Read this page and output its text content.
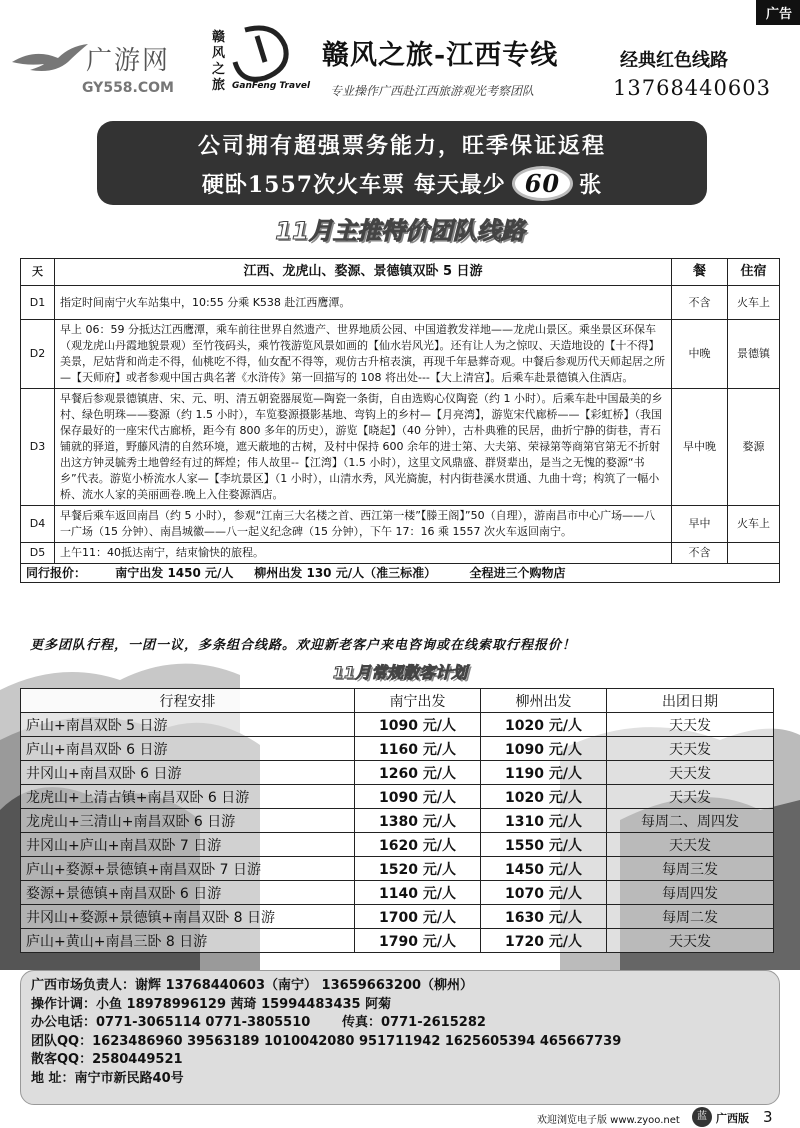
广告
广游网
GY558.COM
赣风之旅 GanFeng Travel
赣风之旅-江西专线	经典红色线路
专业操作广西赴江西旅游观光考察团队	13768440603
公司拥有超强票务能力，旺季保证返程
硬卧1557次火车票 每天最少 60 张
11月主推特价团队线路
天	江西、龙虎山、婺源、景德镇双卧 5 日游	餐	住宿
D1	指定时间南宁火车站集中，10:55 分乘 K538 赴江西鹰潭。	不含	火车上
D2	早上 06：59 分抵达江西鹰潭，乘车前往世界自然遗产、世界地质公园、中国道教发祥地——龙虎山景区。乘坐景区环保车（观龙虎山丹霞地貌景观）至竹筏码头，乘竹筏游览风景如画的【仙水岩风光】。还有让人为之惊叹、天造地设的【十不得】美景，尼姑背和尚走不得，仙桃吃不得，仙女配不得等，观仿古升棺表演，再现千年悬葬奇观。中餐后参观历代天师起居之所—【天师府】或者参观中国古典名著《水浒传》第一回描写的 108 将出处---【大上清宫】。后乘车赴景德镇入住酒店。	中晚	景德镇
D3	早餐后参观景德镇唐、宋、元、明、清五朝瓷器展览—陶瓷一条街，自由选购心仪陶瓷（约 1 小时）。后乘车赴中国最美的乡村、绿色明珠——婺源（约 1.5 小时），车览婺源摄影基地、弯钩上的乡村—【月亮湾】，游览宋代廊桥——【彩虹桥】（我国保存最好的一座宋代古廊桥，距今有 800 多年的历史），游览【晓起】（40 分钟），古朴典雅的民居，曲折宁静的街巷，青石铺就的驿道，野藤风清的自然环境，遮天蔽地的古树，及村中保持 600 余年的进士第、大夫第、荣禄第等商第官第无不折射出这方钟灵毓秀土地曾经有过的辉煌；伟人故里--【江湾】（1.5 小时），这里文风鼎盛、群贤辈出，是当之无愧的婺源“书乡”代表。游览小桥流水人家—【李坑景区】（1 小时），山清水秀，风光旖旎，村内街巷溪水贯通、九曲十弯；构筑了一幅小桥、流水人家的美丽画卷.晚上入住婺源酒店。	早中晚	婺源
D4	早餐后乘车返回南昌（约 5 小时），参观“江南三大名楼之首、西江第一楼”【滕王阁】”50（自理），游南昌市中心广场——八一广场（15 分钟）、南昌城徽——八一起义纪念碑（15 分钟），下午 17：16 乘 1557 次火车返回南宁。	早中	火车上
D5	上午11：40抵达南宁，结束愉快的旅程。	不含	
同行报价： 南宁出发 1450 元/人 柳州出发 130 元/人（准三标准） 全程进三个购物店			
更多团队行程，一团一议，多条组合线路。欢迎新老客户来电咨询或在线索取行程报价！
11月常规散客计划
行程安排	南宁出发	柳州出发	出团日期
庐山+南昌双卧 5 日游	1090 元/人	1020 元/人	天天发
庐山+南昌双卧 6 日游	1160 元/人	1090 元/人	天天发
井冈山+南昌双卧 6 日游	1260 元/人	1190 元/人	天天发
龙虎山+上清古镇+南昌双卧 6 日游	1090 元/人	1020 元/人	天天发
龙虎山+三清山+南昌双卧 6 日游	1380 元/人	1310 元/人	每周二、周四发
井冈山+庐山+南昌双卧 7 日游	1620 元/人	1550 元/人	天天发
庐山+婺源+景德镇+南昌双卧 7 日游	1520 元/人	1450 元/人	每周三发
婺源+景德镇+南昌双卧 6 日游	1140 元/人	1070 元/人	每周四发
井冈山+婺源+景德镇+南昌双卧 8 日游	1700 元/人	1630 元/人	每周二发
庐山+黄山+南昌三卧 8 日游	1790 元/人	1720 元/人	天天发
广西市场负责人：谢辉 13768440603（南宁） 13659663200（柳州）
操作计调：小鱼 18978996129 茜琦 15994483435 阿菊
办公电话：0771-3065114 0771-3805510 传真：0771-2615282
团队QQ：1623486960 39563189 1010042080 951711942 1625605394 465667739
散客QQ：2580449521
地 址：南宁市新民路40号
欢迎浏览电子版 www.zyoo.net	蓝 广西版 3
